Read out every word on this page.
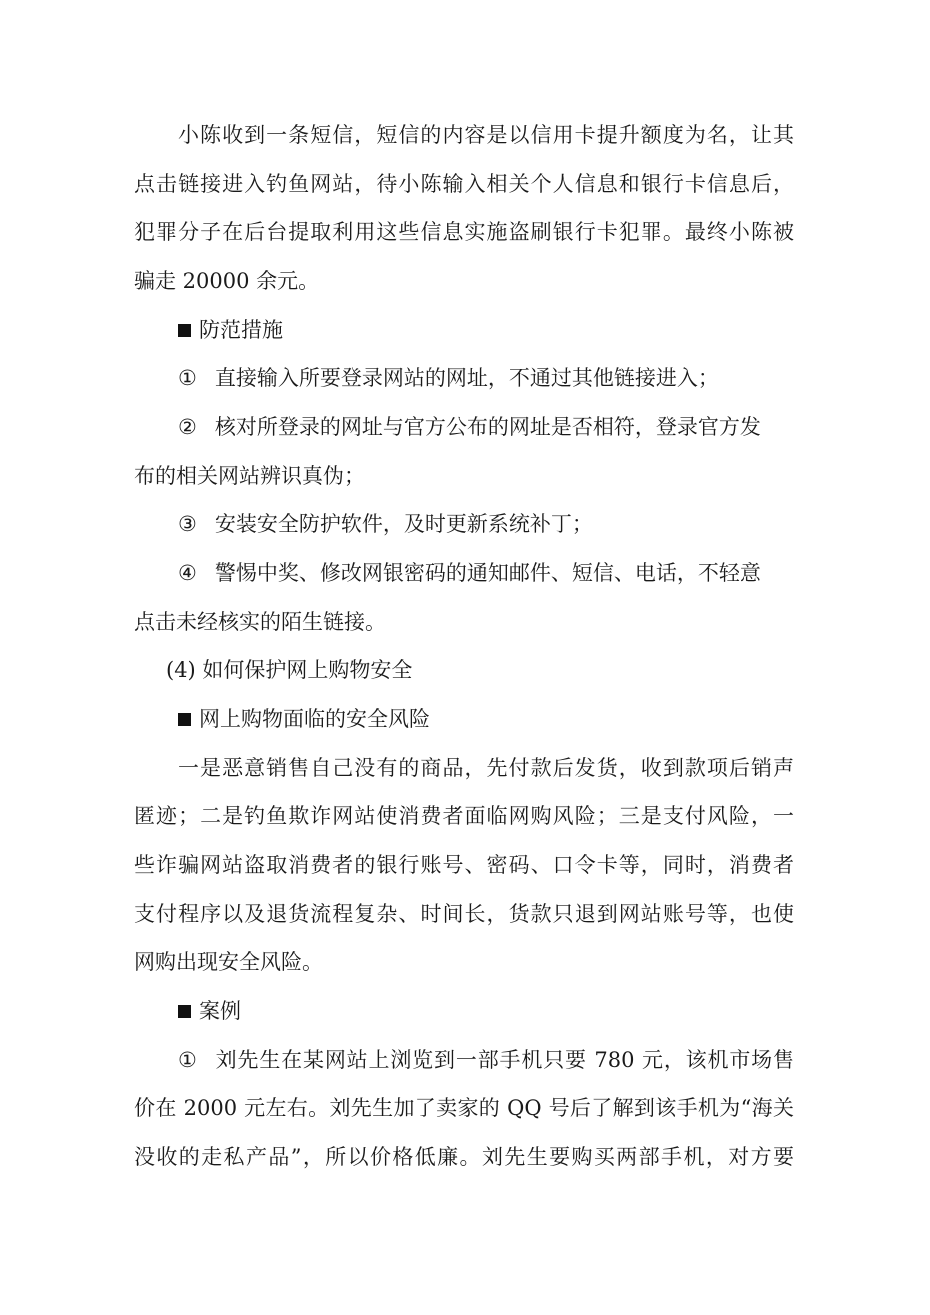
小陈收到一条短信，短信的内容是以信用卡提升额度为名，让其
点击链接进入钓鱼网站，待小陈输入相关个人信息和银行卡信息后，
犯罪分子在后台提取利用这些信息实施盗刷银行卡犯罪。最终小陈被
骗走 20000 余元。
防范措施
① 直接输入所要登录网站的网址，不通过其他链接进入；
② 核对所登录的网址与官方公布的网址是否相符，登录官方发
布的相关网站辨识真伪；
③ 安装安全防护软件，及时更新系统补丁；
④ 警惕中奖、修改网银密码的通知邮件、短信、电话，不轻意
点击未经核实的陌生链接。
(4) 如何保护网上购物安全
网上购物面临的安全风险
一是恶意销售自己没有的商品，先付款后发货，收到款项后销声
匿迹；二是钓鱼欺诈网站使消费者面临网购风险；三是支付风险，一
些诈骗网站盗取消费者的银行账号、密码、口令卡等，同时，消费者
支付程序以及退货流程复杂、时间长，货款只退到网站账号等，也使
网购出现安全风险。
案例
① 刘先生在某网站上浏览到一部手机只要 780 元，该机市场售
价在 2000 元左右。刘先生加了卖家的 QQ 号后了解到该手机为“海关
没收的走私产品”，所以价格低廉。刘先生要购买两部手机，对方要
